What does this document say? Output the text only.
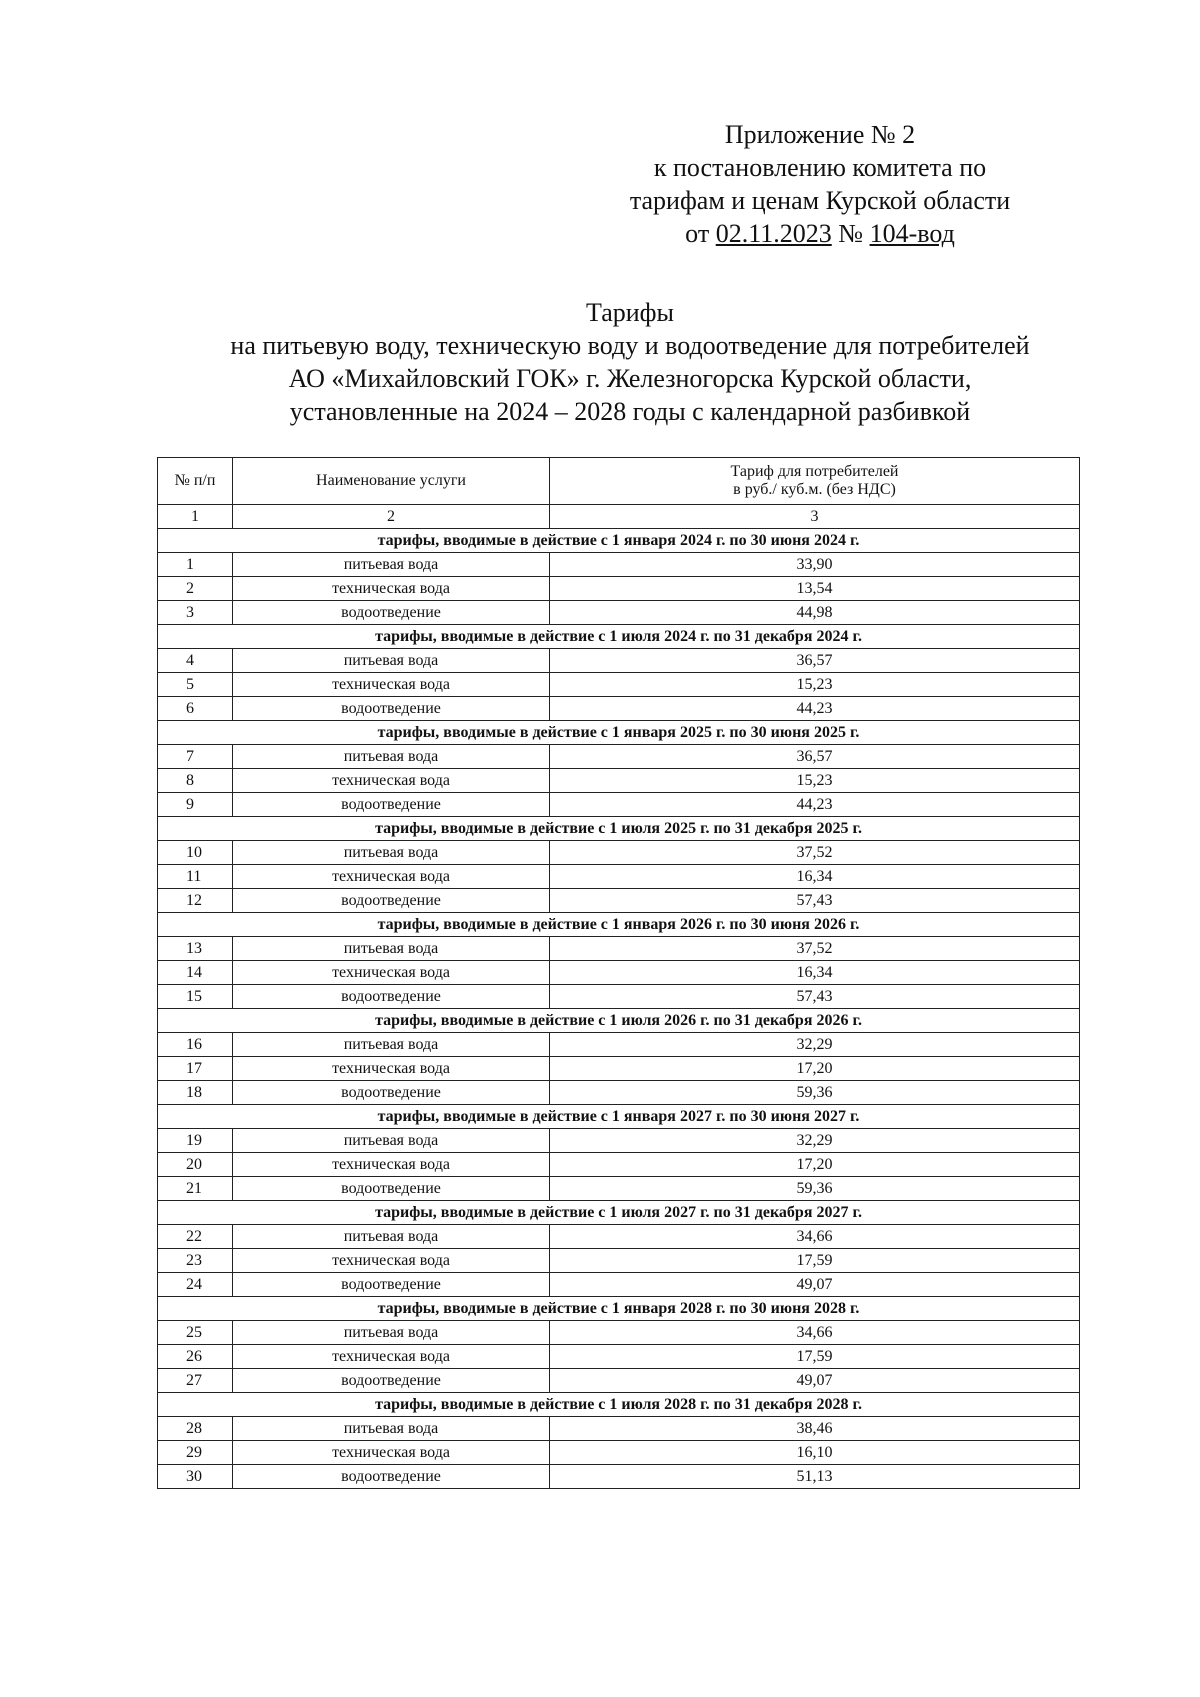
Приложение № 2
к постановлению комитета по
тарифам и ценам Курской области
от 02.11.2023 № 104-вод
Тарифы
на питьевую воду, техническую воду и водоотведение для потребителей
АО «Михайловский ГОК» г. Железногорска Курской области,
установленные на 2024 – 2028 годы с календарной разбивкой
№ п/п	Наименование услуги	Тариф для потребителей
в руб./ куб.м. (без НДС)

1	2	3
тарифы, вводимые в действие с 1 января 2024 г. по 30 июня 2024 г.		
1	питьевая вода	33,90
2	техническая вода	13,54
3	водоотведение	44,98
тарифы, вводимые в действие с 1 июля 2024 г. по 31 декабря 2024 г.		
4	питьевая вода	36,57
5	техническая вода	15,23
6	водоотведение	44,23
тарифы, вводимые в действие с 1 января 2025 г. по 30 июня 2025 г.		
7	питьевая вода	36,57
8	техническая вода	15,23
9	водоотведение	44,23
тарифы, вводимые в действие с 1 июля 2025 г. по 31 декабря 2025 г.		
10	питьевая вода	37,52
11	техническая вода	16,34
12	водоотведение	57,43
тарифы, вводимые в действие с 1 января 2026 г. по 30 июня 2026 г.		
13	питьевая вода	37,52
14	техническая вода	16,34
15	водоотведение	57,43
тарифы, вводимые в действие с 1 июля 2026 г. по 31 декабря 2026 г.		
16	питьевая вода	32,29
17	техническая вода	17,20
18	водоотведение	59,36
тарифы, вводимые в действие с 1 января 2027 г. по 30 июня 2027 г.		
19	питьевая вода	32,29
20	техническая вода	17,20
21	водоотведение	59,36
тарифы, вводимые в действие с 1 июля 2027 г. по 31 декабря 2027 г.		
22	питьевая вода	34,66
23	техническая вода	17,59
24	водоотведение	49,07
тарифы, вводимые в действие с 1 января 2028 г. по 30 июня 2028 г.		
25	питьевая вода	34,66
26	техническая вода	17,59
27	водоотведение	49,07
тарифы, вводимые в действие с 1 июля 2028 г. по 31 декабря 2028 г.		
28	питьевая вода	38,46
29	техническая вода	16,10
30	водоотведение	51,13
